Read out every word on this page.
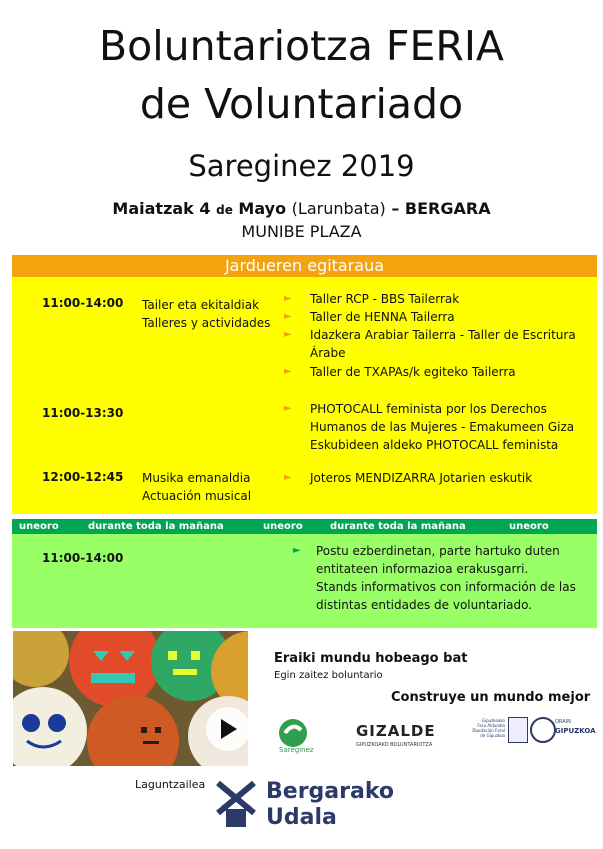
Boluntariotza FERIA
de Voluntariado
Sareginez 2019
Maiatzak 4 de Mayo (Larunbata) – BERGARA
MUNIBE PLAZA
Jardueren egitaraua
11:00-14:00 Tailer eta ekitaldiak
Talleres y actividades
► Taller RCP - BBS Tailerrak
► Taller de HENNA Tailerra
► Idazkera Arabiar Tailerra - Taller de Escritura
Árabe
► Taller de TXAPAs/k egiteko Tailerra
11:00-13:30	► PHOTOCALL feminista por los Derechos
Humanos de las Mujeres - Emakumeen Giza
Eskubideen aldeko PHOTOCALL feminista
12:00-12:45 Musika emanaldia
Actuación musical
► Joteros MENDIZARRA Jotarien eskutik
uneoro	durante toda la mañana	uneoro	durante toda la mañana	uneoro
11:00-14:00
► Postu ezberdinetan, parte hartuko duten
entitateen informazioa erakusgarri.
Stands informativos con información de las
distintas entidades de voluntariado.
Eraiki mundu hobeago bat
Egin zaitez boluntario
Construye un mundo mejor
Sareginez
GIZALDE
GIPUZKOAKO BOLUNTARIOTZA
Gipuzkoako
Foru Aldundia
Diputación Foral
de Gipuzkoa
ORAIN
GIPUZKOA
Laguntzailea	Bergarako
Udala
